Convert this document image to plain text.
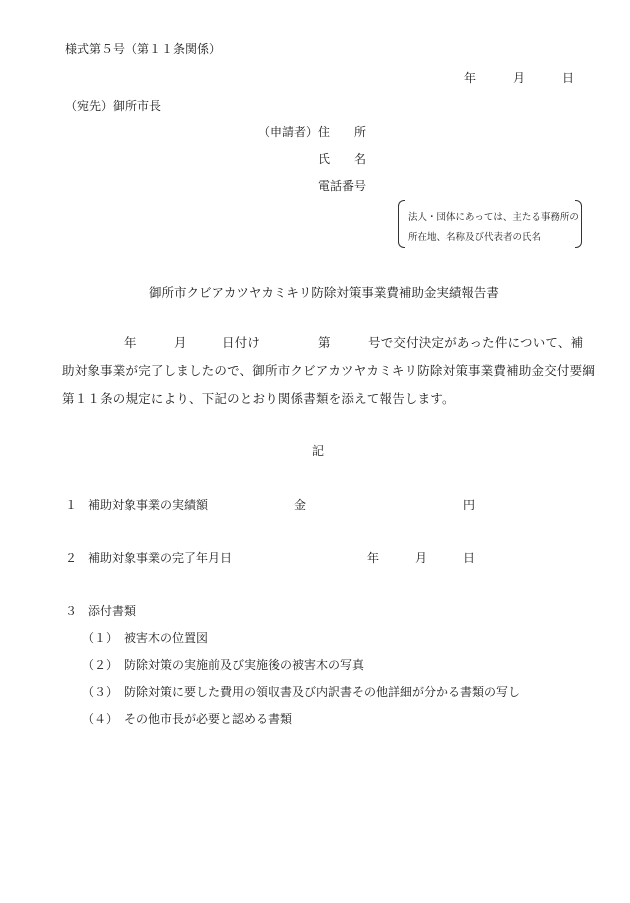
様式第５号（第１１条関係）
年	月	日
（宛先）御所市長
（申請者） 住　　所
氏　　名
電話番号
法人・団体にあっては、主たる事務所の
所在地、名称及び代表者の氏名
御所市クビアカツヤカミキリ防除対策事業費補助金実績報告書
年	月	日付け	第	号で交付決定があった件について、補
助対象事業が完了しましたので、御所市クビアカツヤカミキリ防除対策事業費補助金交付要綱
第１１条の規定により、下記のとおり関係書類を添えて報告します。
記
１ 補助対象事業の実績額	金	円
２ 補助対象事業の完了年月日	年	月	日
３ 添付書類
（１） 被害木の位置図
（２） 防除対策の実施前及び実施後の被害木の写真
（３） 防除対策に要した費用の領収書及び内訳書その他詳細が分かる書類の写し
（４） その他市長が必要と認める書類
